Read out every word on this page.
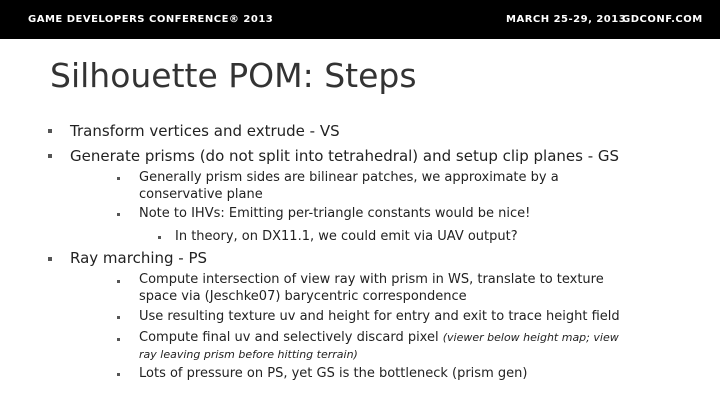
GAME DEVELOPERS CONFERENCE® 2013	MARCH 25-29, 2013
GDCONF.COM
Silhouette POM: Steps
Transform vertices and extrude - VS
Generate prisms (do not split into tetrahedral) and setup clip planes - GS
Generally prism sides are bilinear patches, we approximate by a
conservative plane
Note to IHVs: Emitting per-triangle constants would be nice!
In theory, on DX11.1, we could emit via UAV output?
Ray marching - PS
Compute intersection of view ray with prism in WS, translate to texture
space via (Jeschke07) barycentric correspondence
Use resulting texture uv and height for entry and exit to trace height field
Compute final uv and selectively discard pixel (viewer below height map; view
ray leaving prism before hitting terrain)
Lots of pressure on PS, yet GS is the bottleneck (prism gen)
